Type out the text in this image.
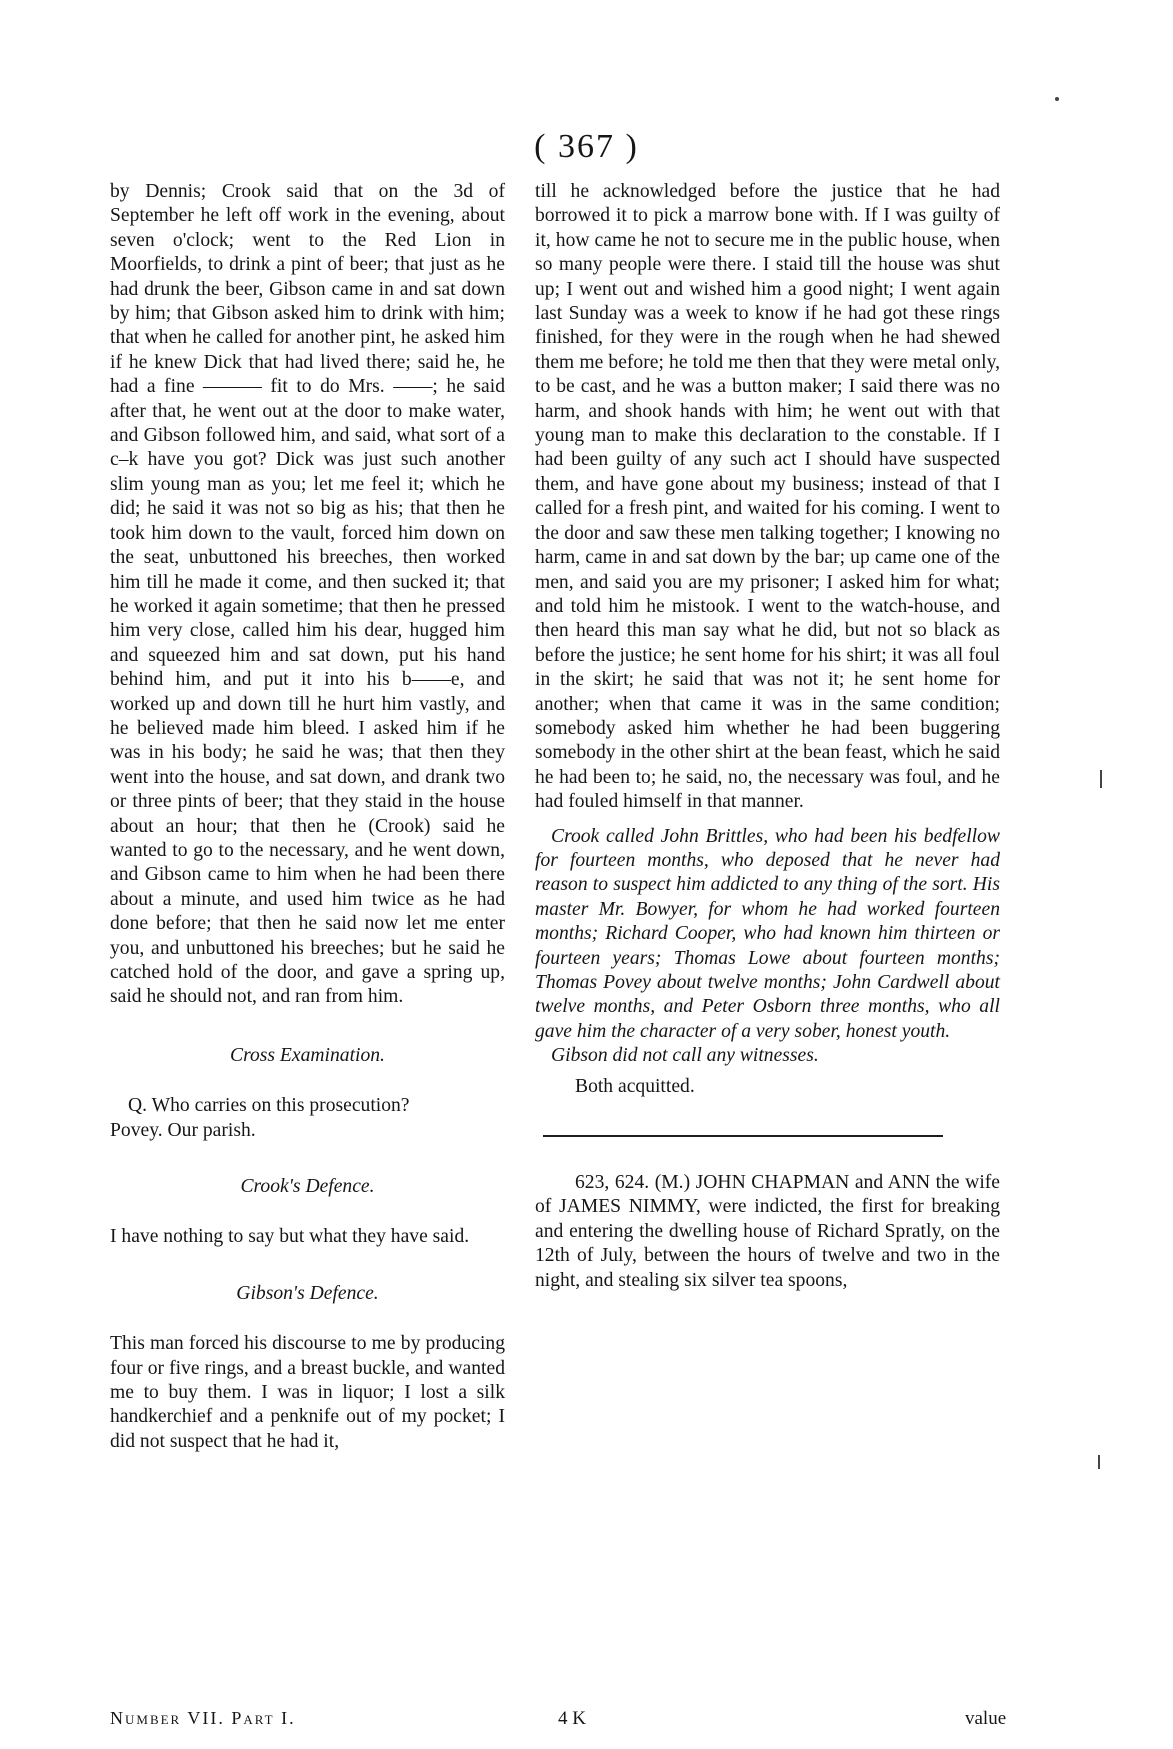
( 367 )

by Dennis; Crook said that on the 3d of September he left off work in the evening, about seven o'clock; went to the Red Lion in Moorfields, to drink a pint of beer; that just as he had drunk the beer, Gibson came in and sat down by him; that Gibson asked him to drink with him; that when he called for another pint, he asked him if he knew Dick that had lived there; said he, he had a fine ——— fit to do Mrs. ——; he said after that, he went out at the door to make water, and Gibson followed him, and said, what sort of a c–k have you got? Dick was just such another slim young man as you; let me feel it; which he did; he said it was not so big as his; that then he took him down to the vault, forced him down on the seat, unbuttoned his breeches, then worked him till he made it come, and then sucked it; that he worked it again sometime; that then he pressed him very close, called him his dear, hugged him and squeezed him and sat down, put his hand behind him, and put it into his b——e, and worked up and down till he hurt him vastly, and he believed made him bleed. I asked him if he was in his body; he said he was; that then they went into the house, and sat down, and drank two or three pints of beer; that they staid in the house about an hour; that then he (Crook) said he wanted to go to the necessary, and he went down, and Gibson came to him when he had been there about a minute, and used him twice as he had done before; that then he said now let me enter you, and unbuttoned his breeches; but he said he catched hold of the door, and gave a spring up, said he should not, and ran from him.

Cross Examination.

Q. Who carries on this prosecution?

Povey. Our parish.

Crook's Defence.

I have nothing to say but what they have said.

Gibson's Defence.

This man forced his discourse to me by producing four or five rings, and a breast buckle, and wanted me to buy them. I was in liquor; I lost a silk handkerchief and a penknife out of my pocket; I did not suspect that he had it,

till he acknowledged before the justice that he had borrowed it to pick a marrow bone with. If I was guilty of it, how came he not to secure me in the public house, when so many people were there. I staid till the house was shut up; I went out and wished him a good night; I went again last Sunday was a week to know if he had got these rings finished, for they were in the rough when he had shewed them me before; he told me then that they were metal only, to be cast, and he was a button maker; I said there was no harm, and shook hands with him; he went out with that young man to make this declaration to the constable. If I had been guilty of any such act I should have suspected them, and have gone about my business; instead of that I called for a fresh pint, and waited for his coming. I went to the door and saw these men talking together; I knowing no harm, came in and sat down by the bar; up came one of the men, and said you are my prisoner; I asked him for what; and told him he mistook. I went to the watch-house, and then heard this man say what he did, but not so black as before the justice; he sent home for his shirt; it was all foul in the skirt; he said that was not it; he sent home for another; when that came it was in the same condition; somebody asked him whether he had been buggering somebody in the other shirt at the bean feast, which he said he had been to; he said, no, the necessary was foul, and he had fouled himself in that manner.

Crook called John Brittles, who had been his bedfellow for fourteen months, who deposed that he never had reason to suspect him addicted to any thing of the sort. His master Mr. Bowyer, for whom he had worked fourteen months; Richard Cooper, who had known him thirteen or fourteen years; Thomas Lowe about fourteen months; Thomas Povey about twelve months; John Cardwell about twelve months, and Peter Osborn three months, who all gave him the character of a very sober, honest youth.

Gibson did not call any witnesses.

Both acquitted.

623, 624. (M.) JOHN CHAPMAN and ANN the wife of JAMES NIMMY, were indicted, the first for breaking and entering the dwelling house of Richard Spratly, on the 12th of July, between the hours of twelve and two in the night, and stealing six silver tea spoons,

Number VII. Part I.	4 K	value
